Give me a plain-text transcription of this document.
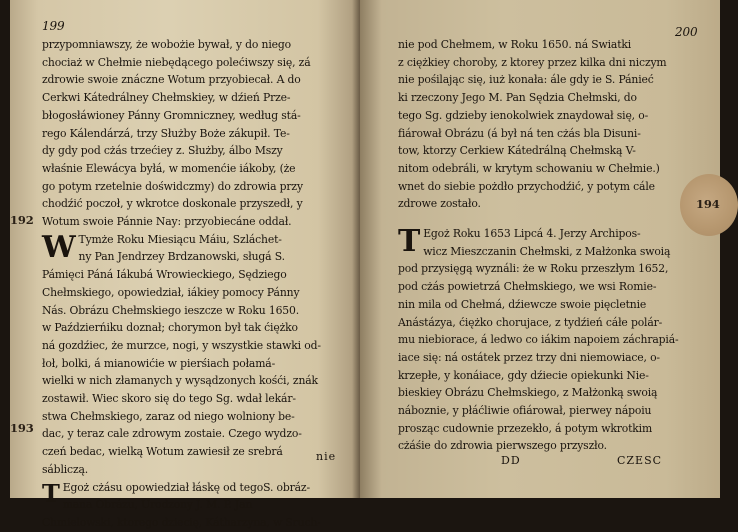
199
przypomniawszy, że wobożie bywał, y do niego
chociaż w Chełmie niebędącego polećiwszy się, zá
zdrowie swoie znáczne Wotum przyobiecał. A do
Cerkwi Kátedrálney Chełmskiey, w dźień Prze-
błogosłáwioney Pánny Gromniczney, według stá-
rego Kálendárzá, trzy Służby Boże zákupił. Te-
dy gdy pod cżás trzećiey z. Służby, álbo Mszy
właśnie Elewácya byłá, w momenćie iákoby, (że
go potym rzetelnie doświdczmy) do zdrowia przy
chodźić poczoł, y wkrotce doskonale przyszedł, y
Wotum swoie Pánnie Nay: przyobiecáne oddał.
W Tymże Roku Miesiącu Máiu, Szláchet-
ny Pan Jendrzey Brdzanowski, sługá S.
Pámięci Páná Iákubá Wrowieckiego, Sędziego
Chełmskiego, opowiedział, iákiey pomocy Pánny
Nás. Obrázu Chełmskiego ieszcze w Roku 1650.
w Paździerńiku doznał; chorymon był tak ćiężko
ná gozdźiec, że murzce, nogi, y wszystkie stawki od-
łoł, bolki, á mianowićie w pierśiach połamá-
wielki w nich złamanych y wysądzonych kośći, znák
zostawił. Wiec skoro się do tego Sg. wdał lekár-
stwa Chełmskiego, zaraz od niego wolniony be-
dac, y teraz cale zdrowym zostaie. Czego wydzo-
czeń bedac, wielką Wotum zawiesił ze srebrá
sábliczą.
T Egoż cżásu opowiedział łáskę od tegoS. obráz-
mana Obrázu, Urodzony J. M. P. Jan
Chmielowski, ktorego dziecię, Kátharzyna, w Sruch-
192
193
nie
200
nie pod Chełmem, w Roku 1650. ná Swiatki
z ciężkiey choroby, z ktorey przez kilka dni niczym
nie pośilając się, iuż konała: ále gdy ie S. Pánieć
ki rzeczony Jego M. Pan Sędzia Chełmski, do
tego Sg. gdzieby ienokolwiek znaydował się, o-
fiárował Obrázu (á był ná ten cżás bla Disuni-
tow, ktorzy Cerkiew Kátedrálną Chełmską V-
nitom odebráli, w krytym schowaniu w Chełmie.)
wnet do siebie pożdło przychodźić, y potym cále
zdrowe zostało.
T Egoż Roku 1653 Lipcá 4. Jerzy Archipos-
wicz Mieszczanin Chełmski, z Małżonka swoią
pod przysięgą wyználi: że w Roku przeszłym 1652,
pod cżás powietrzá Chełmskiego, we wsi Romie-
nin mila od Chełmá, dźiewcze swoie pięcletnie
Anástázya, ćiężko chorujace, z tydźień cáłe polár-
mu niebiorace, á ledwo co iákim napoiem záchrapiá-
iace się: ná ostátek przez trzy dni niemowiace, o-
krzepłe, y konáiace, gdy dźiecie opiekunki Nie-
bieskiey Obrázu Chełmskiego, z Małżonką swoią
náboznie, y płáćliwie ofiárował, pierwey nápoiu
prosząc cudownie przezekło, á potym wkrotkim
cżáśie do zdrowia pierwszego przyszło.
194
DD	CZESC
